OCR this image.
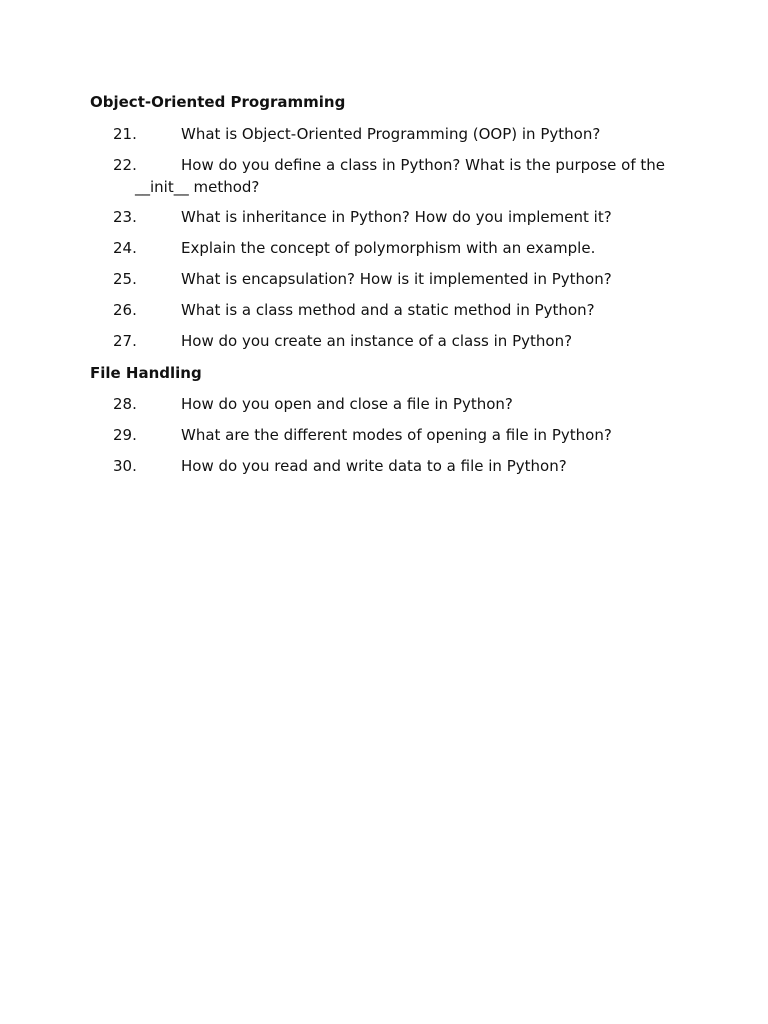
Object-Oriented Programming
21.	What is Object-Oriented Programming (OOP) in Python?
22.	How do you define a class in Python? What is the purpose of the __init__ method?
23.	What is inheritance in Python? How do you implement it?
24.	Explain the concept of polymorphism with an example.
25.	What is encapsulation? How is it implemented in Python?
26.	What is a class method and a static method in Python?
27.	How do you create an instance of a class in Python?
File Handling
28.	How do you open and close a file in Python?
29.	What are the different modes of opening a file in Python?
30.	How do you read and write data to a file in Python?
